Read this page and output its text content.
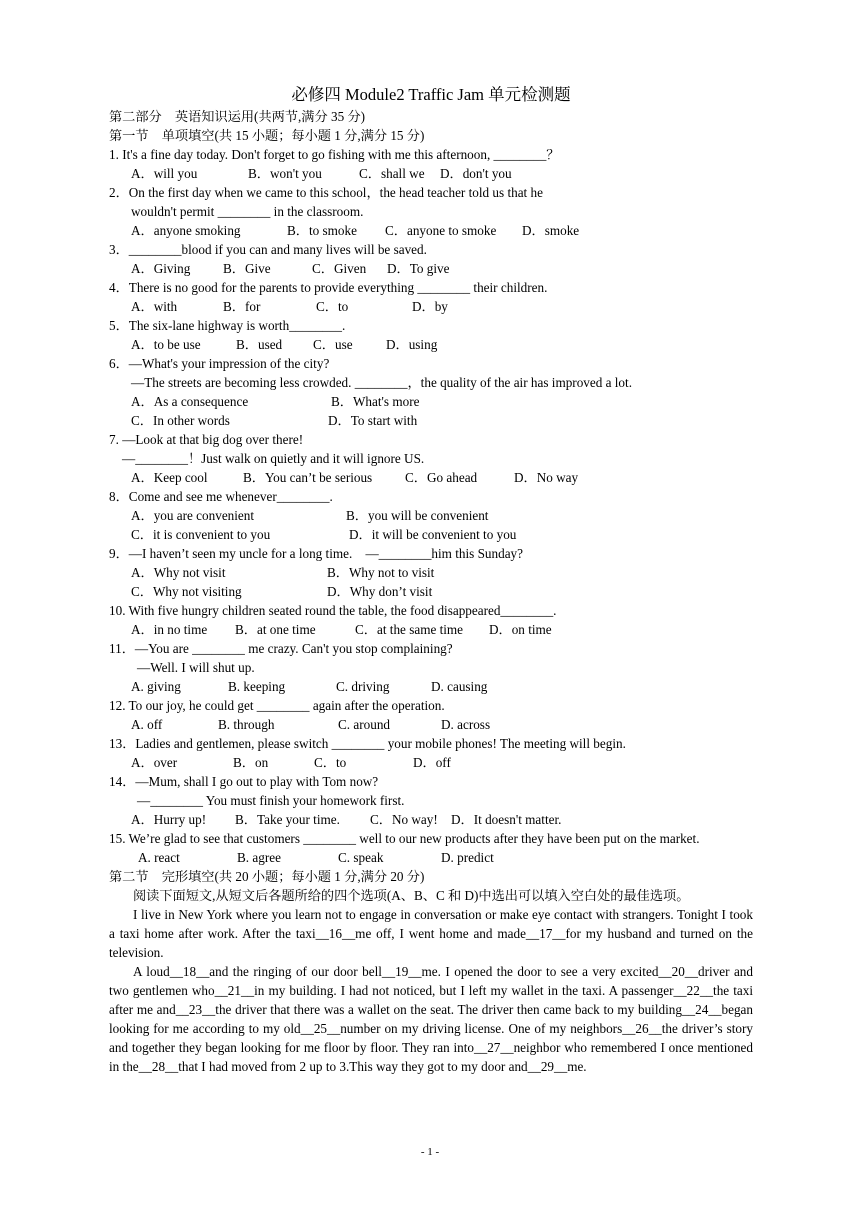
必修四 Module2 Traffic Jam 单元检测题
第二部分　英语知识运用(共两节,满分 35 分)
第一节　单项填空(共 15 小题；每小题 1 分,满分 15 分)
1. It's a fine day today. Don't forget to go fishing with me this afternoon, ________？
A．will you	B．won't you	C．shall we D．don't you
2．On the first day when we came to this school，the head teacher told us that he
wouldn't permit ________ in the classroom.
A．anyone smoking	B．to smoke C．anyone to smoke D．smoke
3．________blood if you can and many lives will be saved.
A．Giving B．Give	C．Given D．To give
4．There is no good for the parents to provide everything ________ their children.
A．with	B．for	C．to	D．by
5．The six-lane highway is worth________.
A．to be use	B．used C．use	D．using
6．—What's your impression of the city?
—The streets are becoming less crowded. ________，the quality of the air has improved a lot.
A．As a consequence	B．What's more
C．In other words	D．To start with
7. —Look at that big dog over there!
—________！Just walk on quietly and it will ignore US.
A．Keep cool	B．You can’t be serious C．Go ahead	D．No way
8．Come and see me whenever________.
A．you are convenient	B．you will be convenient
C．it is convenient to you	D．it will be convenient to you
9．—I haven’t seen my uncle for a long time.　—________him this Sunday?
A．Why not visit	B．Why not to visit
C．Why not visiting	D．Why don’t visit
10. With five hungry children seated round the table, the food disappeared________.
A．in no time B．at one time	C．at the same time D．on time
11．—You are ________ me crazy. Can't you stop complaining?
—Well. I will shut up.
A. giving	B. keeping	C. driving	D. causing
12. To our joy, he could get ________ again after the operation.
A. off	B. through	C. around	D. across
13．Ladies and gentlemen, please switch ________ your mobile phones! The meeting will begin.
A．over	B．on	C．to	D．off
14．—Mum, shall I go out to play with Tom now?
—________ You must finish your homework first.
A．Hurry up! B．Take your time. C．No way! D．It doesn't matter.
15. We’re glad to see that customers ________ well to our new products after they have been put on the market.
A. react	B. agree	C. speak	D. predict
第二节　完形填空(共 20 小题；每小题 1 分,满分 20 分)
阅读下面短文,从短文后各题所给的四个选项(A、B、C 和 D)中选出可以填入空白处的最佳选项。
I live in New York where you learn not to engage in conversation or make eye contact with strangers. Tonight I took a taxi home after work. After the taxi__16__me off, I went home and made__17__for my husband and turned on the television.
A loud__18__and the ringing of our door bell__19__me. I opened the door to see a very excited__20__driver and two gentlemen who__21__in my building. I had not noticed, but I left my wallet in the taxi. A passenger__22__the taxi after me and__23__the driver that there was a wallet on the seat. The driver then came back to my building__24__began looking for me according to my old__25__number on my driving license. One of my neighbors__26__the driver’s story and together they began looking for me floor by floor. They ran into__27__neighbor who remembered I once mentioned in the__28__that I had moved from 2 up to 3.This way they got to my door and__29__me.
- 1 -
